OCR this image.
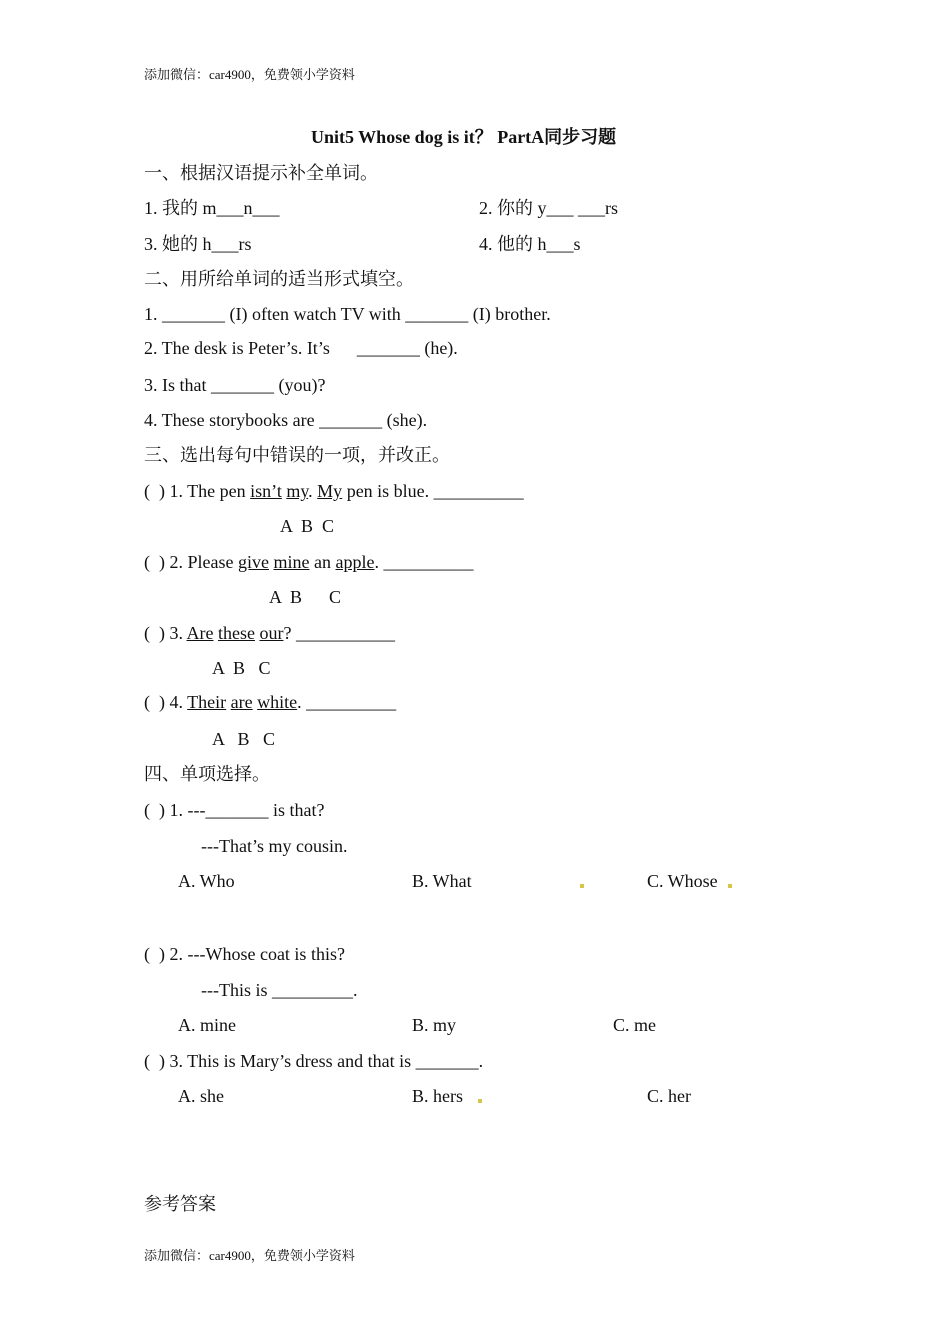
添加微信：car4900，免费领小学资料
Unit5 Whose dog is it？ PartA同步习题
一、根据汉语提示补全单词。
1. 我的 m___n___	2. 你的 y___ ___rs
3. 她的 h___rs	4. 他的 h___s
二、用所给单词的适当形式填空。
1. _______ (I) often watch TV with _______ (I) brother.
2. The desk is Peter’s. It’s      _______ (he).
3. Is that _______ (you)?
4. These storybooks are _______ (she).
三、选出每句中错误的一项，并改正。
(  ) 1. The pen isn’t my. My pen is blue. __________
A  B  C
(  ) 2. Please give mine an apple. __________
A  B      C
(  ) 3. Are these our? ___________
A  B   C
(  ) 4. Their are white. __________
A   B   C
四、单项选择。
(  ) 1. ---_______ is that?
---That’s my cousin.
A. Who	B. What	C. Whose
(  ) 2. ---Whose coat is this?
---This is _________.
A. mine	B. my	C. me
(  ) 3. This is Mary’s dress and that is _______.
A. she	B. hers	C. her
参考答案
添加微信：car4900，免费领小学资料
